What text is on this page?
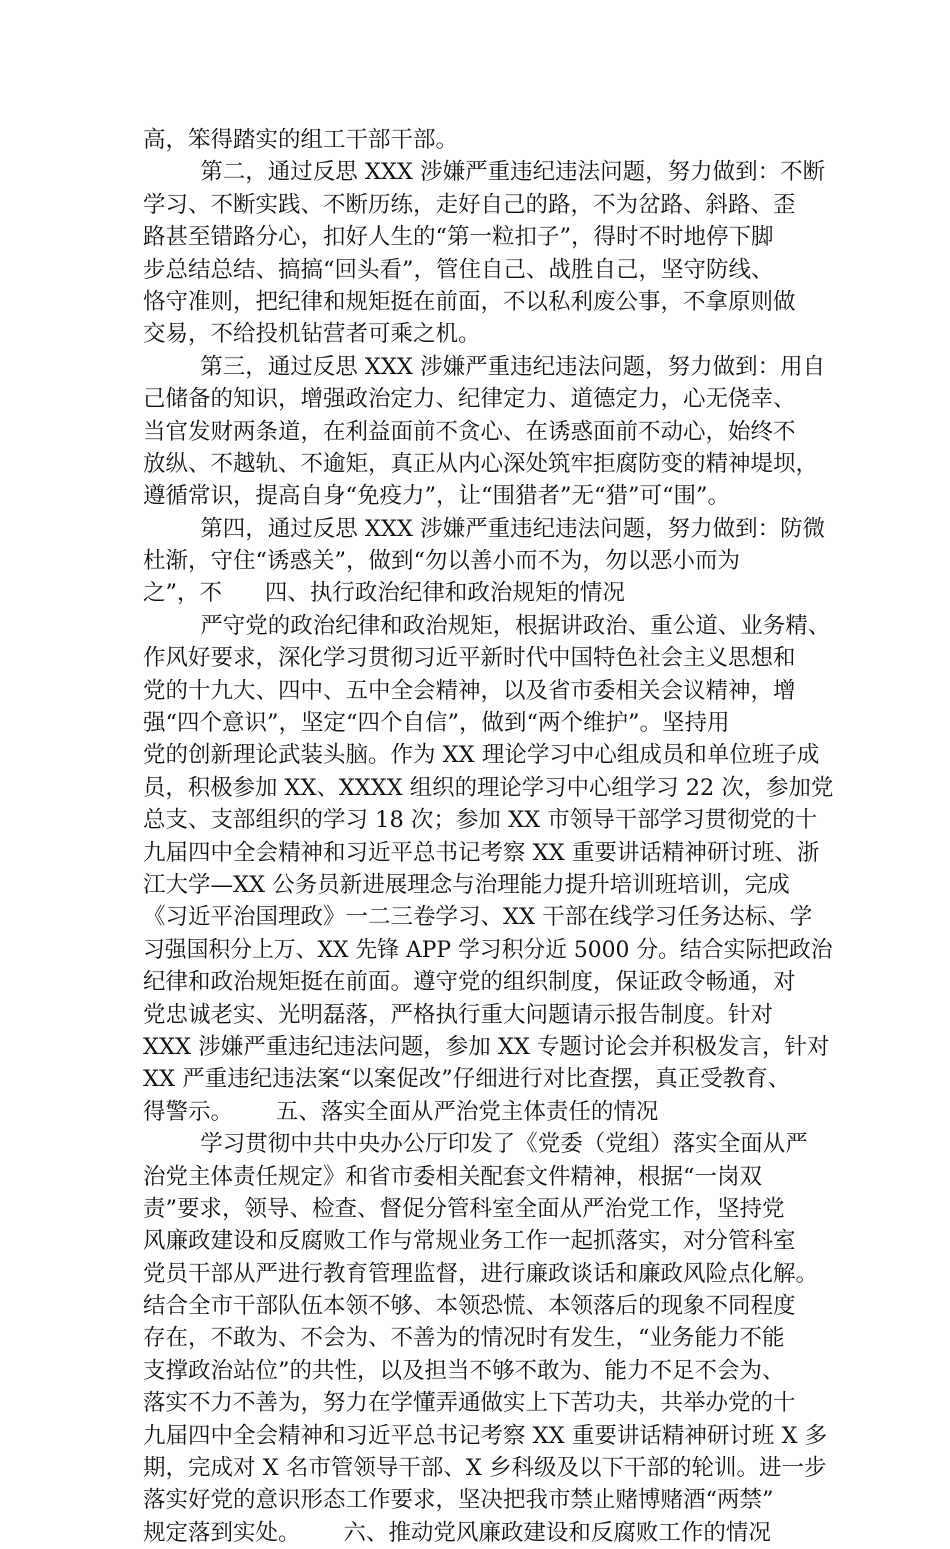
高，笨得踏实的组工干部干部。
第二，通过反思 XXX 涉嫌严重违纪违法问题，努力做到：不断
学习、不断实践、不断历练，走好自己的路，不为岔路、斜路、歪
路甚至错路分心，扣好人生的“第一粒扣子”，得时不时地停下脚
步总结总结、搞搞“回头看”，管住自己、战胜自己，坚守防线、
恪守准则，把纪律和规矩挺在前面，不以私利废公事，不拿原则做
交易，不给投机钻营者可乘之机。
第三，通过反思 XXX 涉嫌严重违纪违法问题，努力做到：用自
己储备的知识，增强政治定力、纪律定力、道德定力，心无侥幸、
当官发财两条道，在利益面前不贪心、在诱惑面前不动心，始终不
放纵、不越轨、不逾矩，真正从内心深处筑牢拒腐防变的精神堤坝，
遵循常识，提高自身“免疫力”，让“围猎者”无“猎”可“围”。
第四，通过反思 XXX 涉嫌严重违纪违法问题，努力做到：防微
杜渐，守住“诱惑关”，做到“勿以善小而不为，勿以恶小而为
之”，不      四、执行政治纪律和政治规矩的情况
严守党的政治纪律和政治规矩，根据讲政治、重公道、业务精、
作风好要求，深化学习贯彻习近平新时代中国特色社会主义思想和
党的十九大、四中、五中全会精神，以及省市委相关会议精神，增
强“四个意识”，坚定“四个自信”，做到“两个维护”。坚持用
党的创新理论武装头脑。作为 XX 理论学习中心组成员和单位班子成
员，积极参加 XX、XXXX 组织的理论学习中心组学习 22 次，参加党
总支、支部组织的学习 18 次；参加 XX 市领导干部学习贯彻党的十
九届四中全会精神和习近平总书记考察 XX 重要讲话精神研讨班、浙
江大学—XX 公务员新进展理念与治理能力提升培训班培训，完成
《习近平治国理政》一二三卷学习、XX 干部在线学习任务达标、学
习强国积分上万、XX 先锋 APP 学习积分近 5000 分。结合实际把政治
纪律和政治规矩挺在前面。遵守党的组织制度，保证政令畅通，对
党忠诚老实、光明磊落，严格执行重大问题请示报告制度。针对
XXX 涉嫌严重违纪违法问题，参加 XX 专题讨论会并积极发言，针对
XX 严重违纪违法案“以案促改”仔细进行对比查摆，真正受教育、
得警示。      五、落实全面从严治党主体责任的情况
学习贯彻中共中央办公厅印发了《党委（党组）落实全面从严
治党主体责任规定》和省市委相关配套文件精神，根据“一岗双
责”要求，领导、检查、督促分管科室全面从严治党工作，坚持党
风廉政建设和反腐败工作与常规业务工作一起抓落实，对分管科室
党员干部从严进行教育管理监督，进行廉政谈话和廉政风险点化解。
结合全市干部队伍本领不够、本领恐慌、本领落后的现象不同程度
存在，不敢为、不会为、不善为的情况时有发生，“业务能力不能
支撑政治站位”的共性，以及担当不够不敢为、能力不足不会为、
落实不力不善为，努力在学懂弄通做实上下苦功夫，共举办党的十
九届四中全会精神和习近平总书记考察 XX 重要讲话精神研讨班 X 多
期，完成对 X 名市管领导干部、X 乡科级及以下干部的轮训。进一步
落实好党的意识形态工作要求，坚决把我市禁止赌博赌酒“两禁”
规定落到实处。      六、推动党风廉政建设和反腐败工作的情况
